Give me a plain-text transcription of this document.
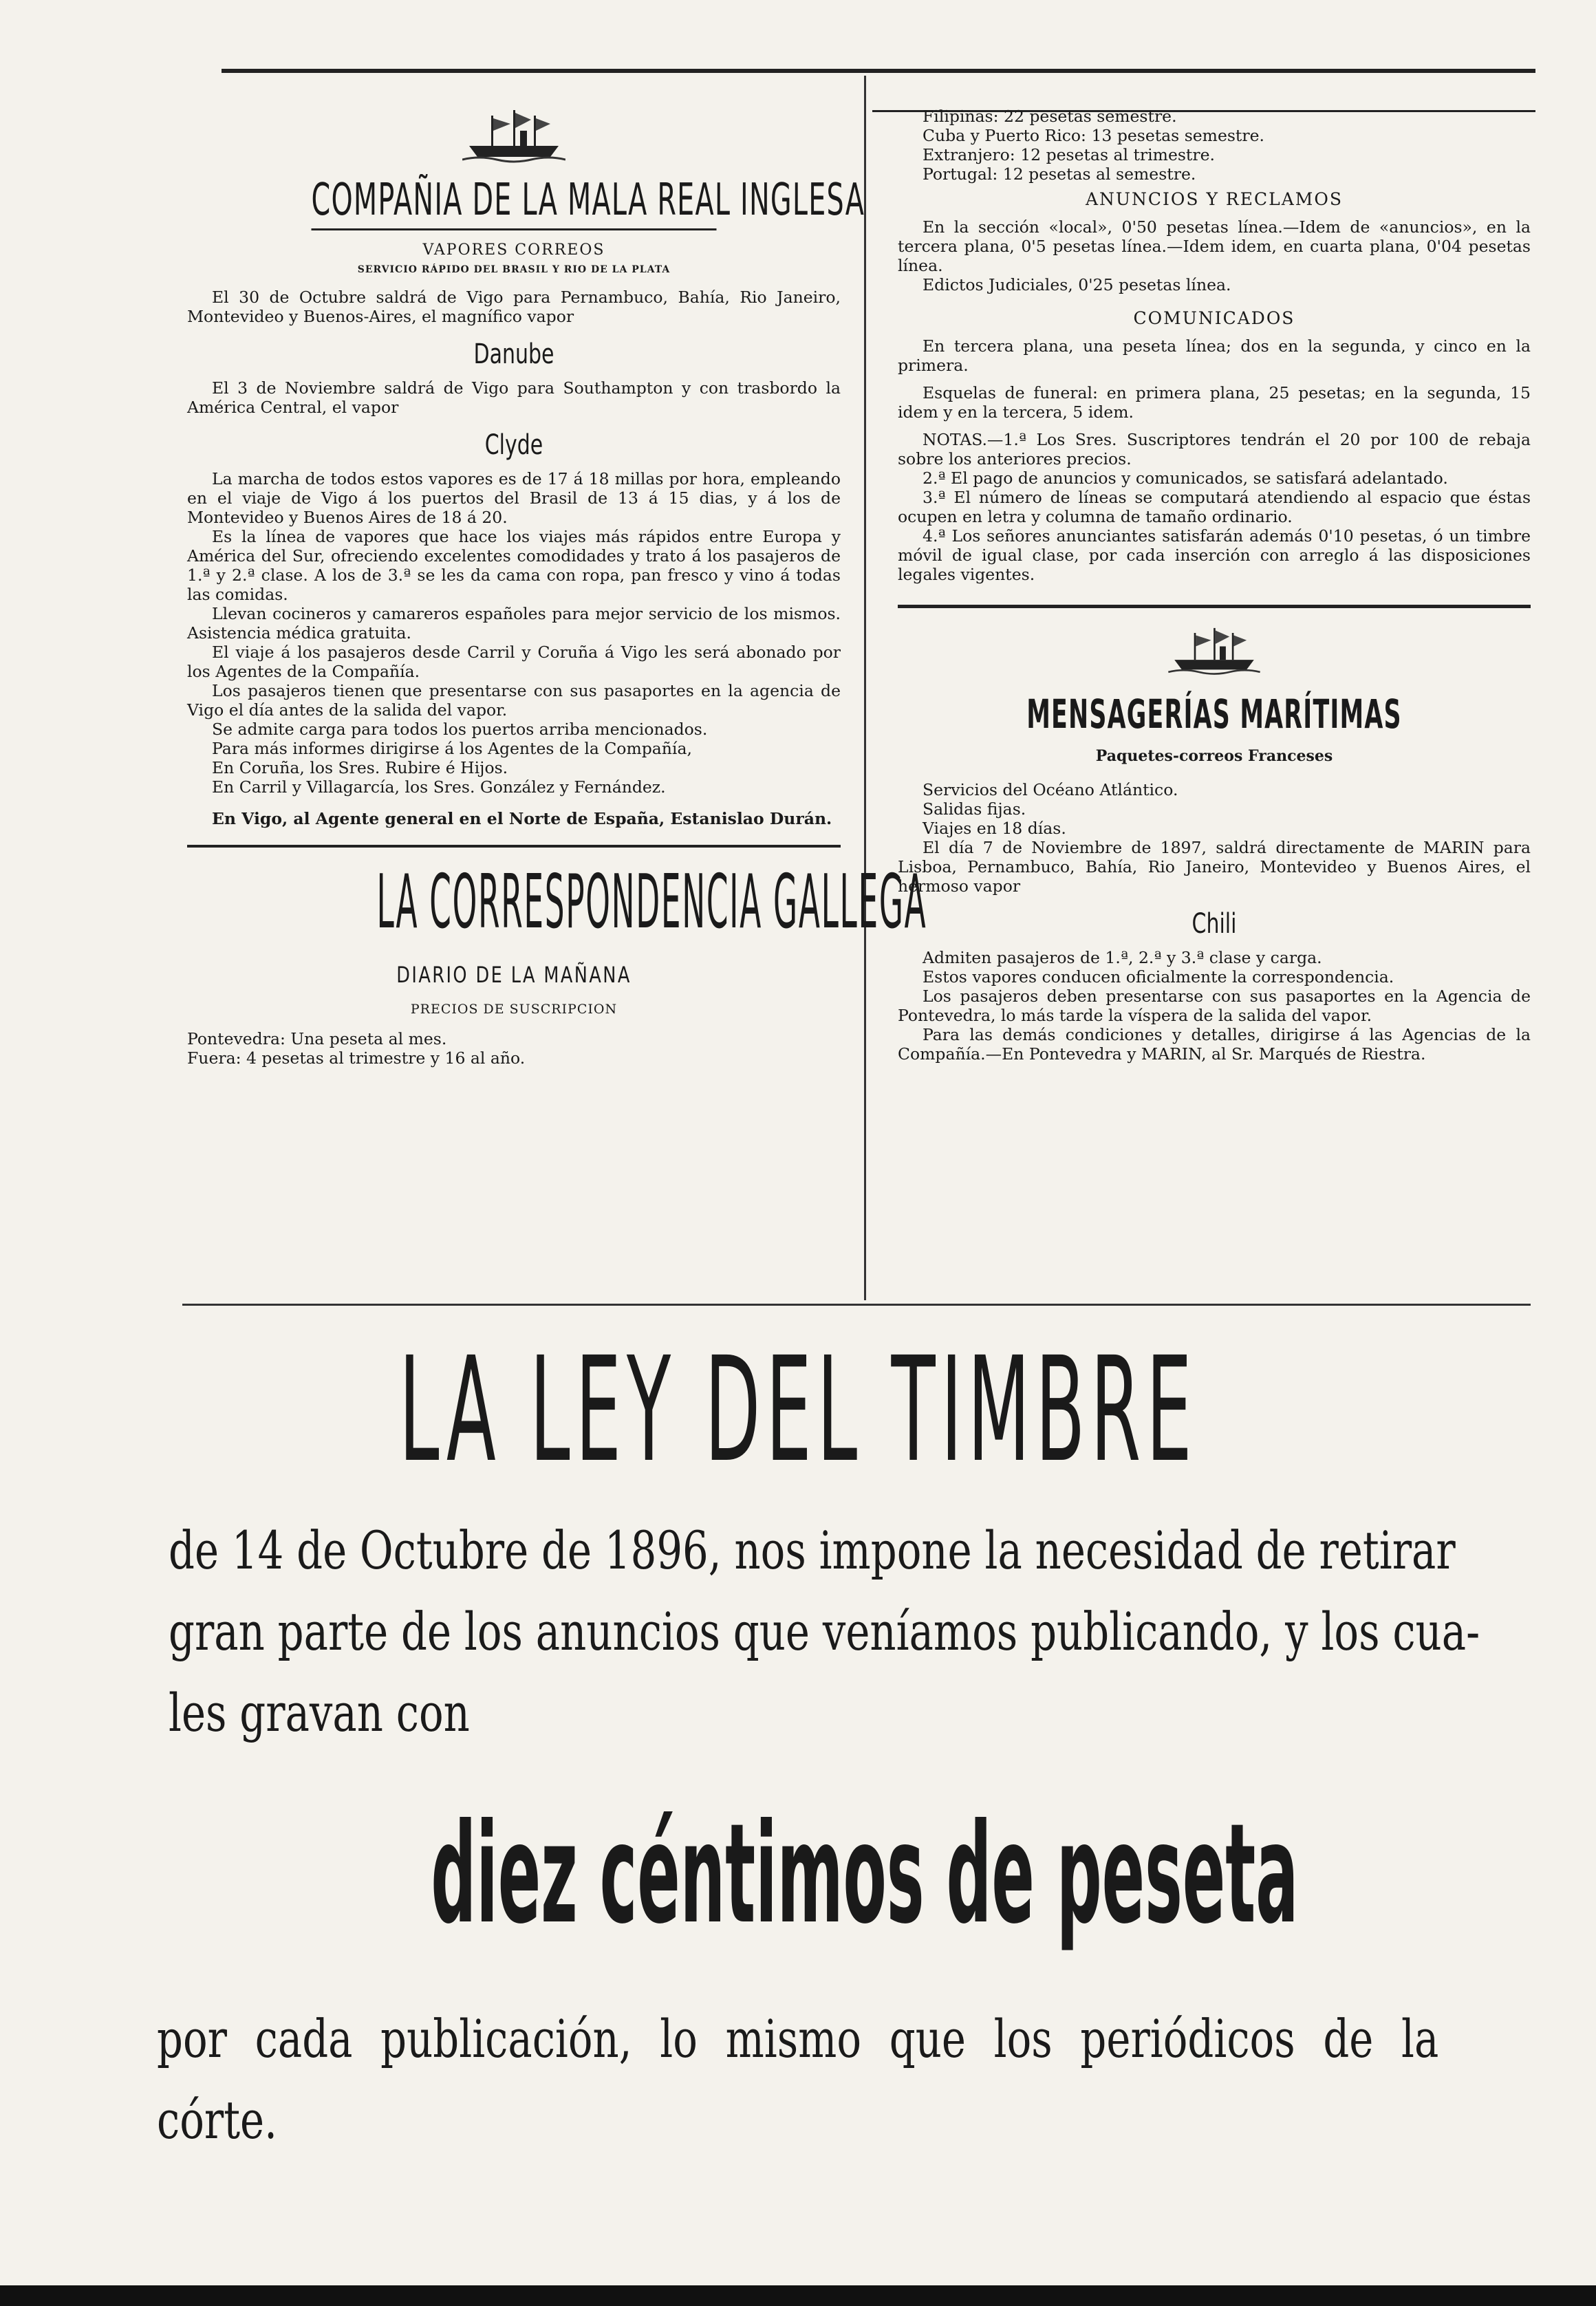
COMPAÑIA DE LA MALA REAL INGLESA
VAPORES CORREOS
SERVICIO RÁPIDO DEL BRASIL Y RIO DE LA PLATA

El 30 de Octubre saldrá de Vigo para Pernambuco, Bahía, Rio Janeiro, Montevideo y Buenos-Aires, el magnífico vapor

Danube

El 3 de Noviembre saldrá de Vigo para Southampton y con trasbordo la América Central, el vapor

Clyde

La marcha de todos estos vapores es de 17 á 18 millas por hora, empleando en el viaje de Vigo á los puertos del Brasil de 13 á 15 dias, y á los de Montevideo y Buenos Aires de 18 á 20.

Es la línea de vapores que hace los viajes más rápidos entre Europa y América del Sur, ofreciendo excelentes comodidades y trato á los pasajeros de 1.ª y 2.ª clase. A los de 3.ª se les da cama con ropa, pan fresco y vino á todas las comidas.

Llevan cocineros y camareros españoles para mejor servicio de los mismos. Asistencia médica gratuita.

El viaje á los pasajeros desde Carril y Coruña á Vigo les será abonado por los Agentes de la Compañía.

Los pasajeros tienen que presentarse con sus pasaportes en la agencia de Vigo el día antes de la salida del vapor.

Se admite carga para todos los puertos arriba mencionados.

Para más informes dirigirse á los Agentes de la Compañía,

En Coruña, los Sres. Rubire é Hijos.

En Carril y Villagarcía, los Sres. González y Fernández.

En Vigo, al Agente general en el Norte de España, Estanislao Durán.

LA CORRESPONDENCIA GALLEGA
DIARIO DE LA MAÑANA
PRECIOS DE SUSCRIPCION

Pontevedra: Una peseta al mes.

Fuera: 4 pesetas al trimestre y 16 al año.

Filipinas: 22 pesetas semestre.

Cuba y Puerto Rico: 13 pesetas semestre.

Extranjero: 12 pesetas al trimestre.

Portugal: 12 pesetas al semestre.

ANUNCIOS Y RECLAMOS

En la sección «local», 0'50 pesetas línea.—Idem de «anuncios», en la tercera plana, 0'5 pesetas línea.—Idem idem, en cuarta plana, 0'04 pesetas línea.

Edictos Judiciales, 0'25 pesetas línea.

COMUNICADOS

En tercera plana, una peseta línea; dos en la segunda, y cinco en la primera.

Esquelas de funeral: en primera plana, 25 pesetas; en la segunda, 15 idem y en la tercera, 5 idem.

NOTAS.—1.ª Los Sres. Suscriptores tendrán el 20 por 100 de rebaja sobre los anteriores precios.

2.ª El pago de anuncios y comunicados, se satisfará adelantado.

3.ª El número de líneas se computará atendiendo al espacio que éstas ocupen en letra y columna de tamaño ordinario.

4.ª Los señores anunciantes satisfarán además 0'10 pesetas, ó un timbre móvil de igual clase, por cada inserción con arreglo á las disposiciones legales vigentes.

MENSAGERÍAS MARÍTIMAS
Paquetes-correos Franceses

Servicios del Océano Atlántico.

Salidas fijas.

Viajes en 18 días.

El día 7 de Noviembre de 1897, saldrá directamente de MARIN para Lisboa, Pernambuco, Bahía, Rio Janeiro, Montevideo y Buenos Aires, el hermoso vapor

Chili

Admiten pasajeros de 1.ª, 2.ª y 3.ª clase y carga.

Estos vapores conducen oficialmente la correspondencia.

Los pasajeros deben presentarse con sus pasaportes en la Agencia de Pontevedra, lo más tarde la víspera de la salida del vapor.

Para las demás condiciones y detalles, dirigirse á las Agencias de la Compañía.—En Pontevedra y MARIN, al Sr. Marqués de Riestra.

LA LEY DEL TIMBRE
de 14 de Octubre de 1896, nos impone la necesidad de retirar
gran parte de los anuncios que veníamos publicando, y los cua-
les gravan con
diez céntimos de peseta
por cada publicación, lo mismo que los periódicos de la
córte.
